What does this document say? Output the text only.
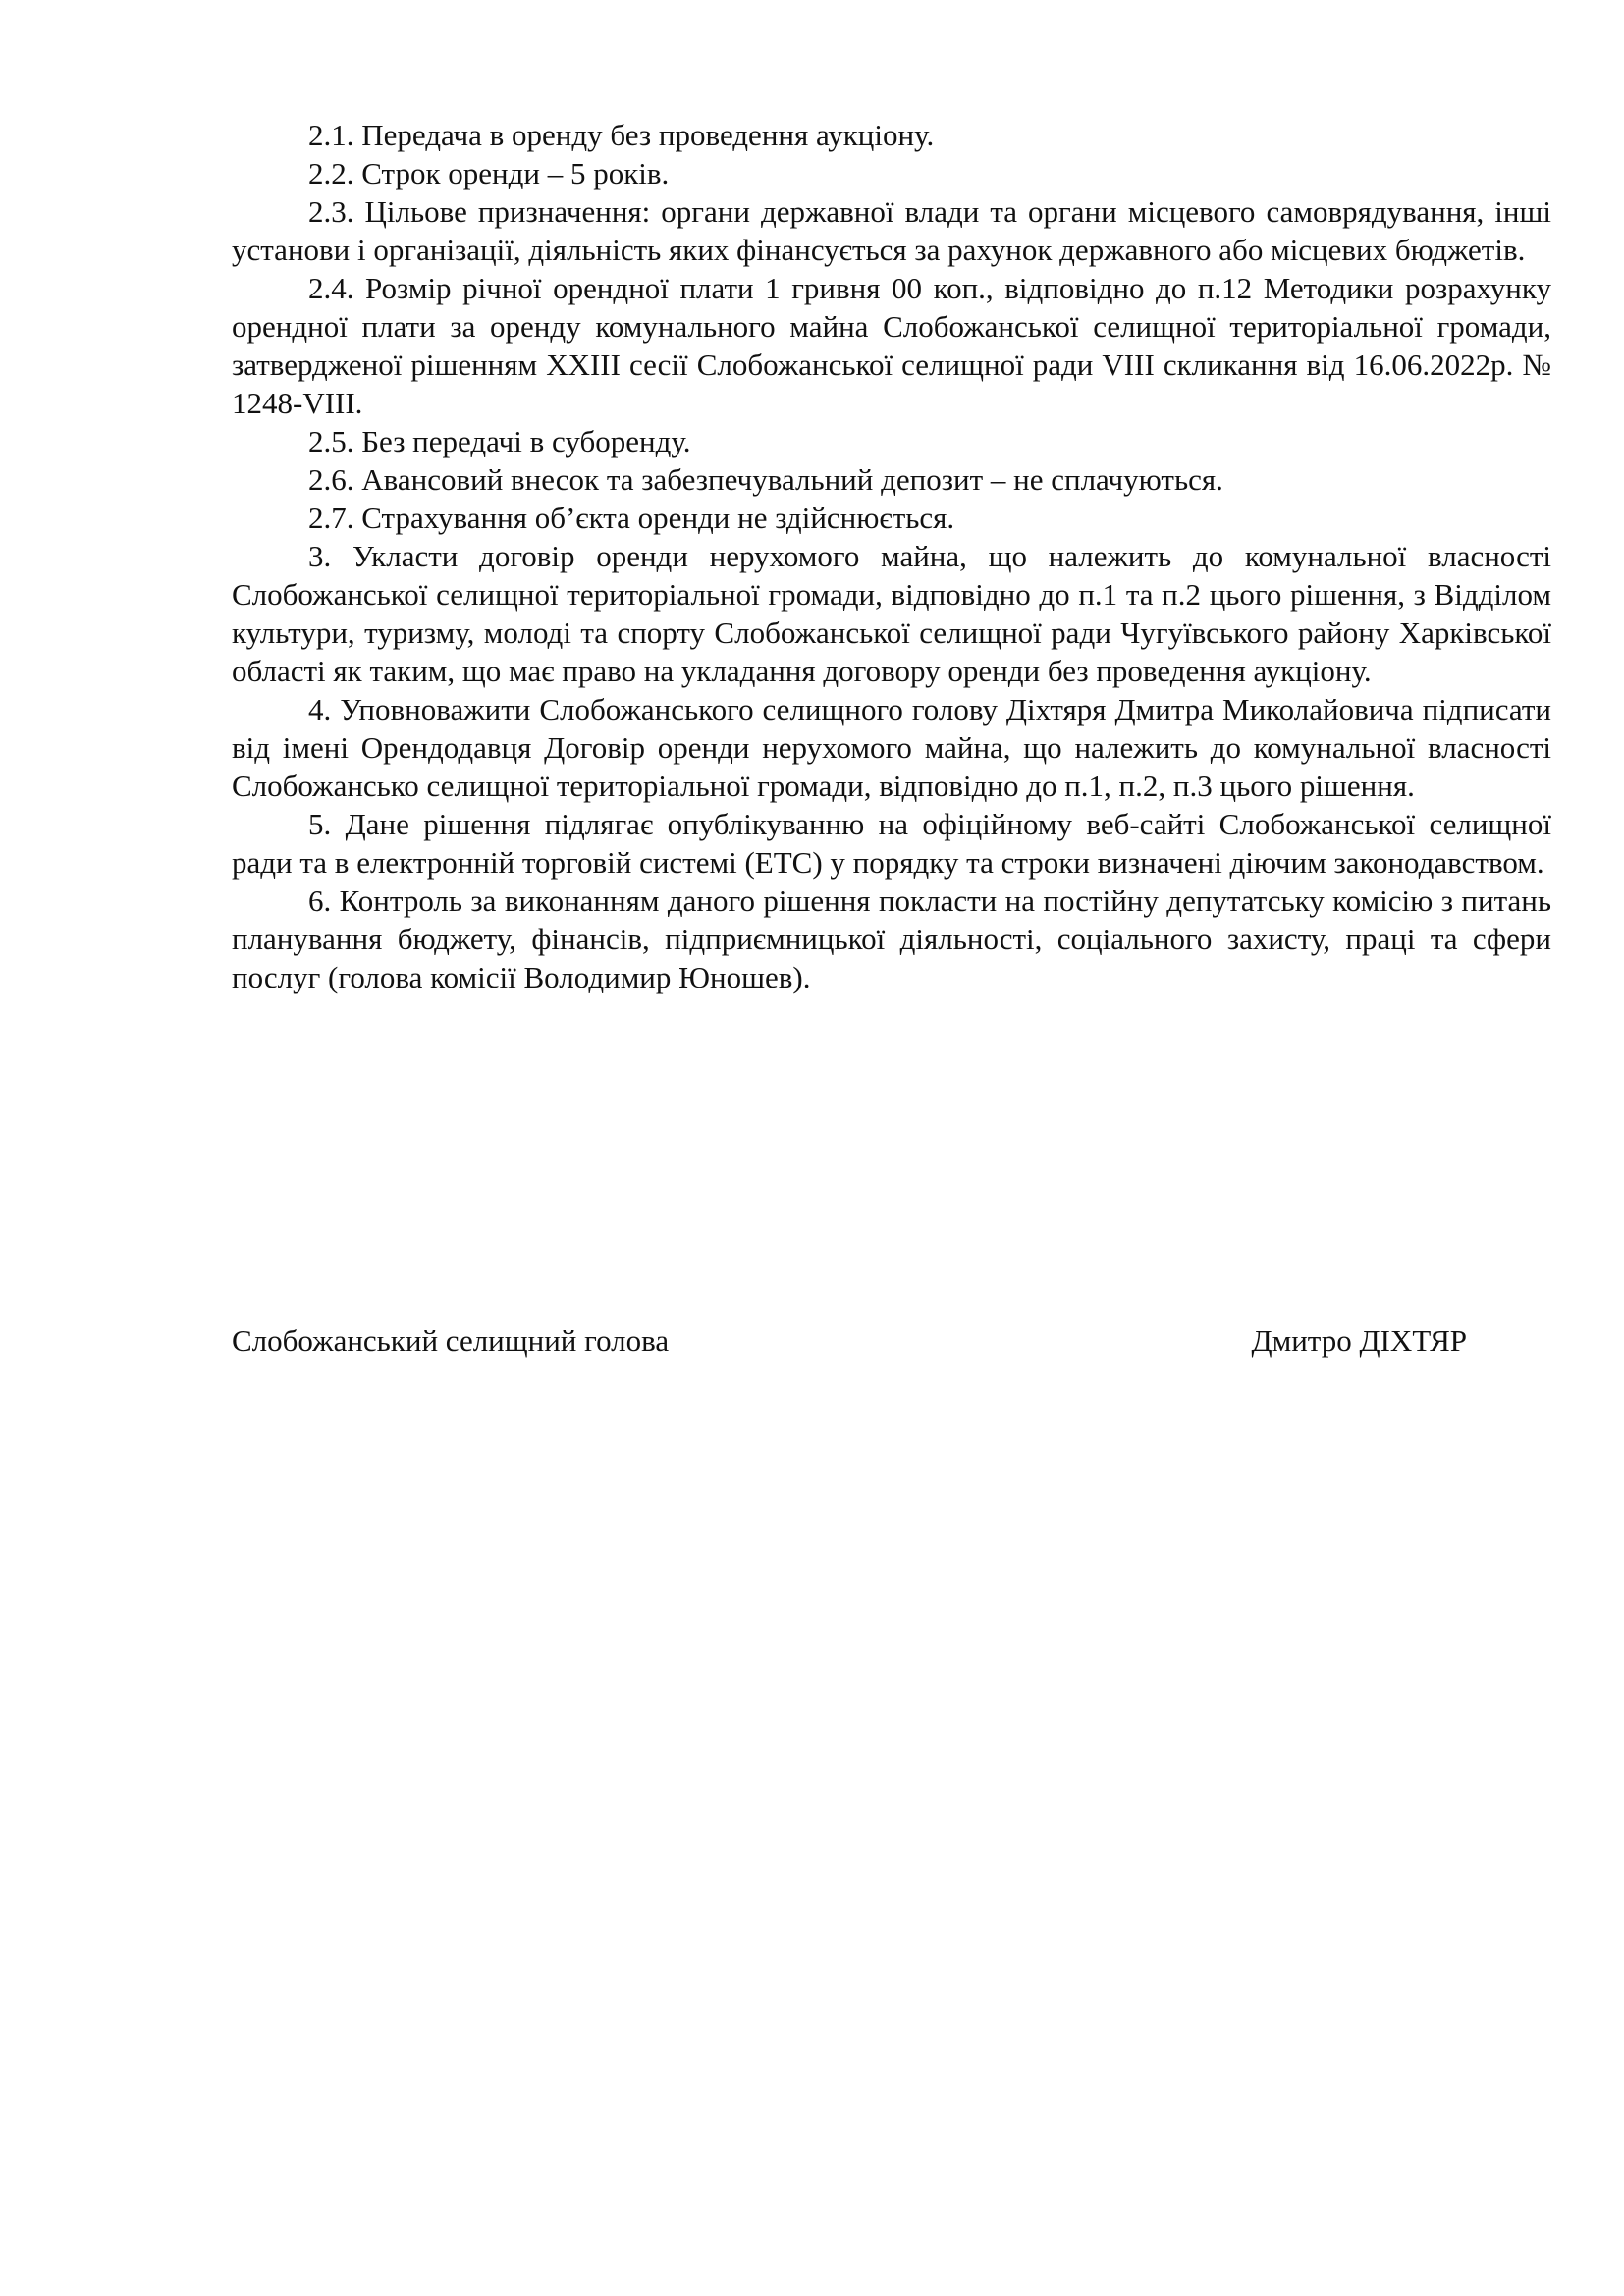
2.1. Передача в оренду без проведення аукціону.

2.2. Строк оренди – 5 років.

2.3. Цільове призначення: органи державної влади та органи місцевого самоврядування, інші установи і організації, діяльність яких фінансується за рахунок державного або місцевих бюджетів.

2.4. Розмір річної орендної плати 1 гривня 00 коп., відповідно до п.12 Методики розрахунку орендної плати за оренду комунального майна Слобожанської селищної територіальної громади, затвердженої рішенням ХХІІІ сесії Слобожанської селищної ради VIII скликання від 16.06.2022р. № 1248-VIII.

2.5. Без передачі в суборенду.

2.6. Авансовий внесок та забезпечувальний депозит – не сплачуються.

2.7. Страхування об’єкта оренди не здійснюється.

3. Укласти договір оренди нерухомого майна, що належить до комунальної власності Слобожанської селищної територіальної громади, відповідно до п.1 та п.2 цього рішення, з Відділом культури, туризму, молоді та спорту Слобожанської селищної ради Чугуївського району Харківської області як таким, що має право на укладання договору оренди без проведення аукціону.

4. Уповноважити Слобожанського селищного голову Діхтяря Дмитра Миколайовича підписати від імені Орендодавця Договір оренди нерухомого майна, що належить до комунальної власності Слобожансько селищної територіальної громади, відповідно до п.1, п.2, п.3 цього рішення.

5. Дане рішення підлягає опублікуванню на офіційному веб-сайті Слобожанської селищної ради та в електронній торговій системі (ЕТС) у порядку та строки визначені діючим законодавством.

6. Контроль за виконанням даного рішення покласти на постійну депутатську комісію з питань планування бюджету, фінансів, підприємницької діяльності, соціального захисту, праці та сфери послуг (голова комісії Володимир Юношев).

Слобожанський селищний голова	Дмитро ДІХТЯР
